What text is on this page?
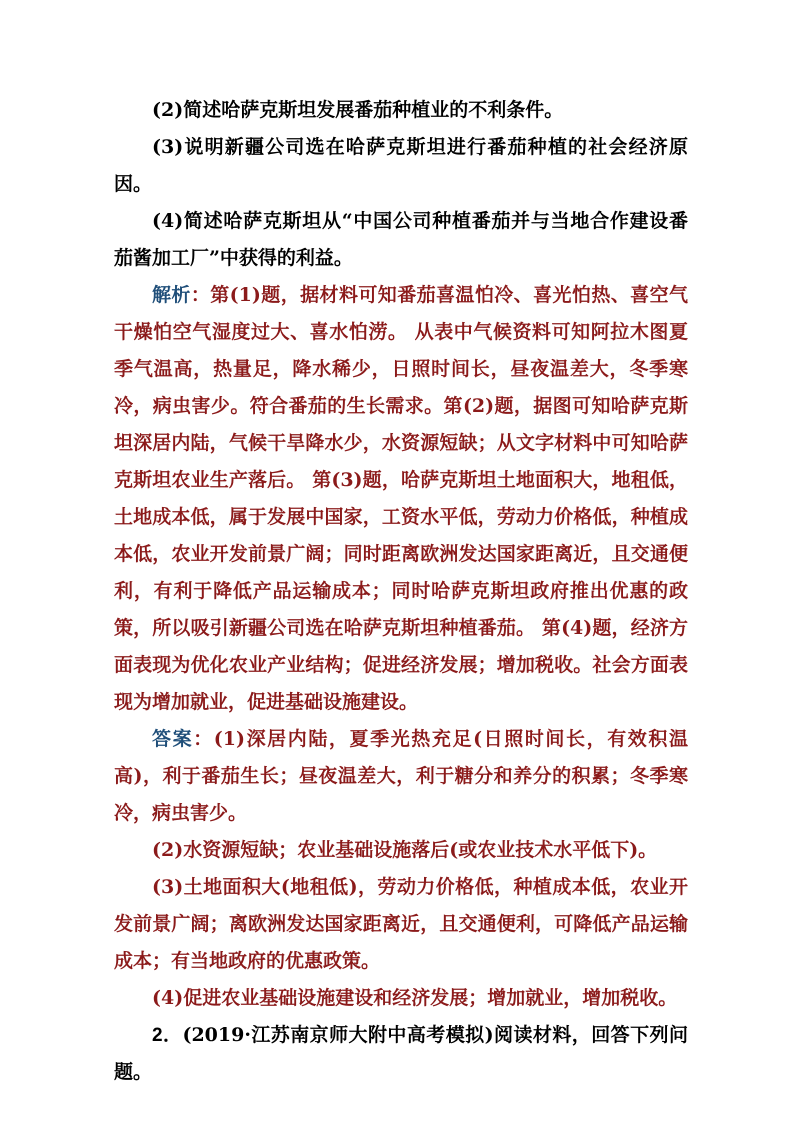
(2)简述哈萨克斯坦发展番茄种植业的不利条件。

(3)说明新疆公司选在哈萨克斯坦进行番茄种植的社会经济原因。

(4)简述哈萨克斯坦从“中国公司种植番茄并与当地合作建设番茄酱加工厂”中获得的利益。

解析：第(1)题，据材料可知番茄喜温怕冷、喜光怕热、喜空气干燥怕空气湿度过大、喜水怕涝。 从表中气候资料可知阿拉木图夏季气温高，热量足，降水稀少，日照时间长，昼夜温差大，冬季寒冷，病虫害少。符合番茄的生长需求。第(2)题，据图可知哈萨克斯坦深居内陆，气候干旱降水少，水资源短缺；从文字材料中可知哈萨克斯坦农业生产落后。 第(3)题，哈萨克斯坦土地面积大，地租低，土地成本低，属于发展中国家，工资水平低，劳动力价格低，种植成本低，农业开发前景广阔；同时距离欧洲发达国家距离近，且交通便利，有利于降低产品运输成本；同时哈萨克斯坦政府推出优惠的政策，所以吸引新疆公司选在哈萨克斯坦种植番茄。 第(4)题，经济方面表现为优化农业产业结构；促进经济发展；增加税收。社会方面表现为增加就业，促进基础设施建设。

答案：(1)深居内陆，夏季光热充足(日照时间长，有效积温高)，利于番茄生长；昼夜温差大，利于糖分和养分的积累；冬季寒冷，病虫害少。

(2)水资源短缺；农业基础设施落后(或农业技术水平低下)。

(3)土地面积大(地租低)，劳动力价格低，种植成本低，农业开发前景广阔；离欧洲发达国家距离近，且交通便利，可降低产品运输成本；有当地政府的优惠政策。

(4)促进农业基础设施建设和经济发展；增加就业，增加税收。

2．(2019·江苏南京师大附中高考模拟)阅读材料，回答下列问题。
